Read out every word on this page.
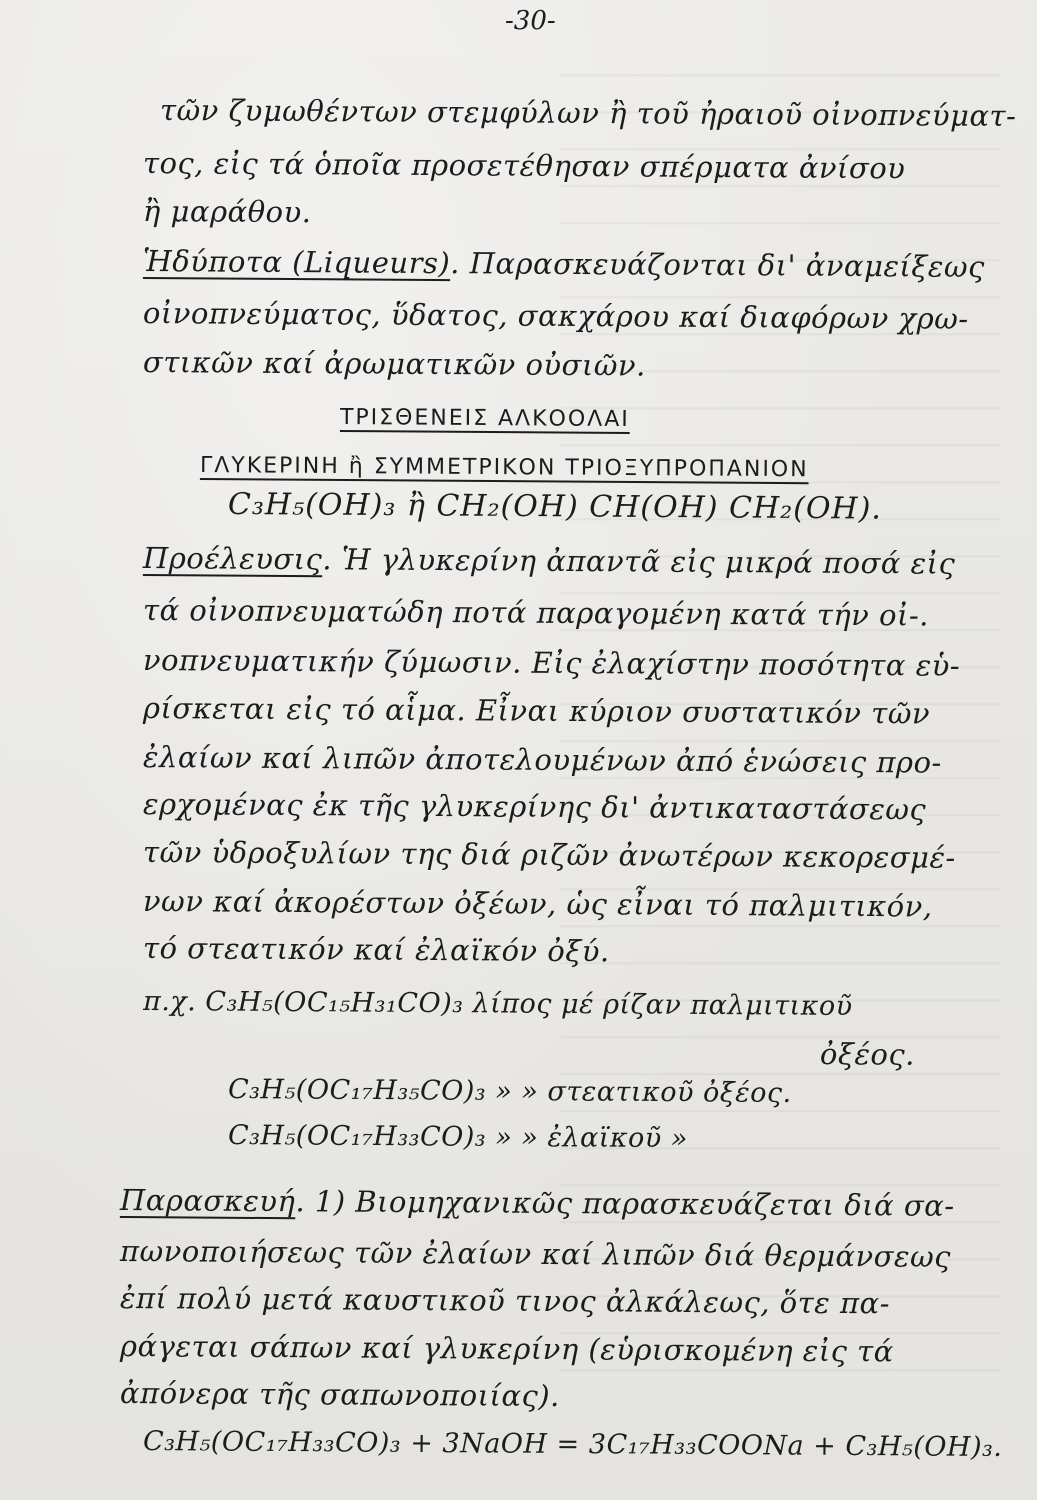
-30-
τῶν ζυμωθέντων στεμφύλων ἢ τοῦ ἠραιοῦ οἰνοπνεύματ-
τος, εἰς τά ὁποῖα προσετέθησαν σπέρματα ἀνίσου
ἢ μαράθου.
Ἡδύποτα (Liqueurs). Παρασκευάζονται δι' ἀναμείξεως
οἰνοπνεύματος, ὕδατος, σακχάρου καί διαφόρων χρω-
στικῶν καί ἀρωματικῶν οὐσιῶν.
ΤΡΙΣΘΕΝΕΙΣ ΑΛΚΟΟΛΑΙ
ΓΛΥΚΕΡΙΝΗ ἢ ΣΥΜΜΕΤΡΙΚΟΝ ΤΡΙΟΞΥΠΡΟΠΑΝΙΟΝ
C₃H₅(OH)₃ ἢ CH₂(OH) CH(OH) CH₂(OH).
Προέλευσις. Ἡ γλυκερίνη ἀπαντᾶ εἰς μικρά ποσά εἰς
τά οἰνοπνευματώδη ποτά παραγομένη κατά τήν οἰ-.
νοπνευματικήν ζύμωσιν. Εἰς ἐλαχίστην ποσότητα εὑ-
ρίσκεται εἰς τό αἷμα. Εἶναι κύριον συστατικόν τῶν
ἐλαίων καί λιπῶν ἀποτελουμένων ἀπό ἑνώσεις προ-
ερχομένας ἐκ τῆς γλυκερίνης δι' ἀντικαταστάσεως
τῶν ὑδροξυλίων της διά ριζῶν ἀνωτέρων κεκορεσμέ-
νων καί ἀκορέστων ὀξέων, ὡς εἶναι τό παλμιτικόν,
τό στεατικόν καί ἐλαϊκόν ὀξύ.
π.χ. C₃H₅(OC₁₅H₃₁CO)₃ λίπος μέ ρίζαν παλμιτικοῦ
ὀξέος.
C₃H₅(OC₁₇H₃₅CO)₃ » » στεατικοῦ ὀξέος.
C₃H₅(OC₁₇H₃₃CO)₃ » » ἐλαϊκοῦ »
Παρασκευή. 1) Βιομηχανικῶς παρασκευάζεται διά σα-
πωνοποιήσεως τῶν ἐλαίων καί λιπῶν διά θερμάνσεως
ἐπί πολύ μετά καυστικοῦ τινος ἀλκάλεως, ὅτε πα-
ράγεται σάπων καί γλυκερίνη (εὑρισκομένη εἰς τά
ἀπόνερα τῆς σαπωνοποιίας).
C₃H₅(OC₁₇H₃₃CO)₃ + 3NaOH = 3C₁₇H₃₃COONa + C₃H₅(OH)₃.
